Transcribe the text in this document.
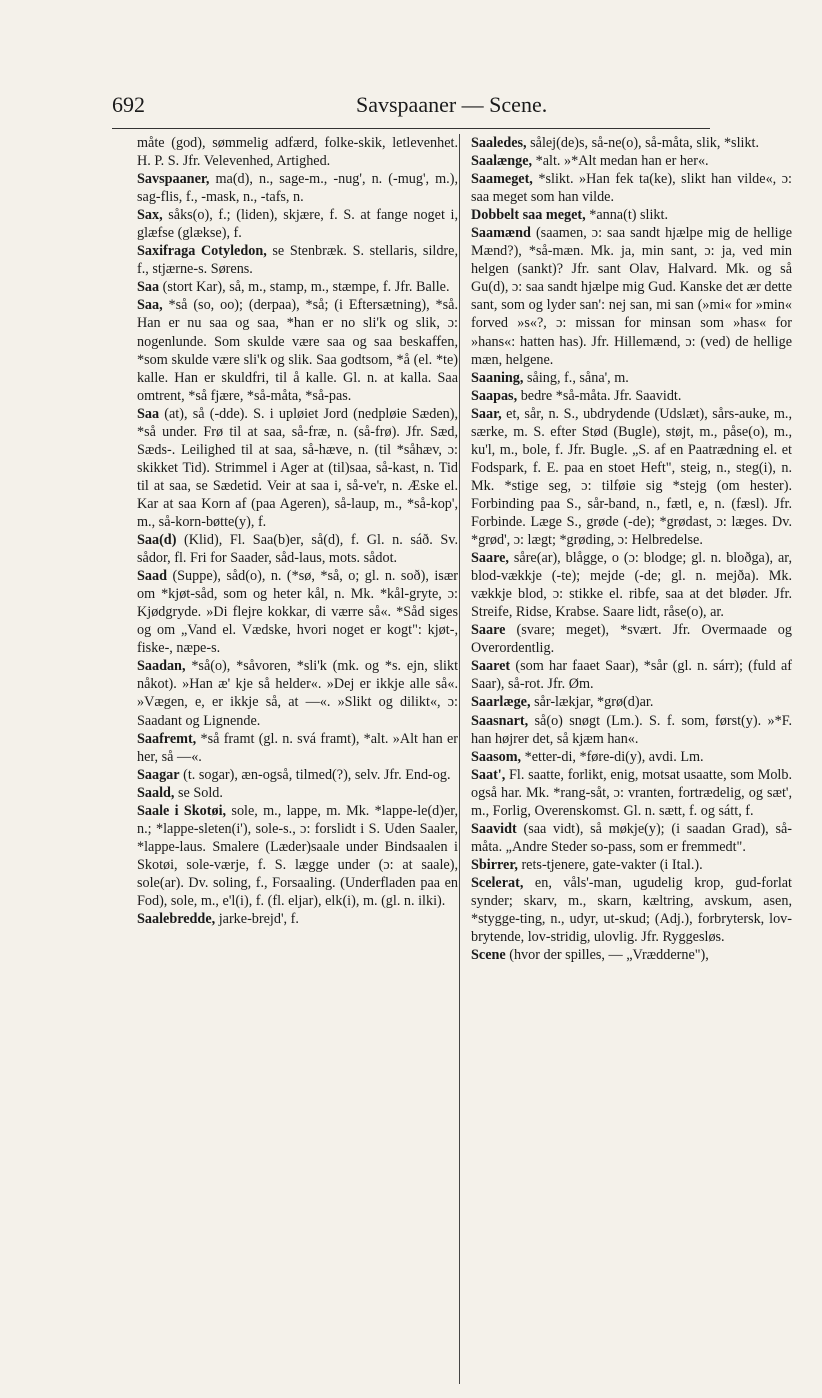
692	Savspaaner — Scene.

måte (god), sømmelig adfærd, folke-skik, letlevenhet. H. P. S. Jfr. Velevenhed, Artighed.

Savspaaner, ma(d), n., sage-m., -nug', n. (-mug', m.), sag-flis, f., -mask, n., -tafs, n.

Sax, såks(o), f.; (liden), skjære, f. S. at fange noget i, glæfse (glækse), f.

Saxifraga Cotyledon, se Stenbræk. S. stellaris, sildre, f., stjærne-s. Sørens.

Saa (stort Kar), så, m., stamp, m., stæmpe, f. Jfr. Balle.

Saa, *så (so, oo); (derpaa), *så; (i Eftersætning), *så. Han er nu saa og saa, *han er no sli'k og slik, ɔ: nogenlunde. Som skulde være saa og saa beskaffen, *som skulde være sli'k og slik. Saa godtsom, *å (el. *te) kalle. Han er skuldfri, til å kalle. Gl. n. at kalla. Saa omtrent, *så fjære, *så-måta, *så-pas.

Saa (at), så (-dde). S. i upløiet Jord (nedpløie Sæden), *så under. Frø til at saa, så-fræ, n. (så-frø). Jfr. Sæd, Sæds-. Leilighed til at saa, så-hæve, n. (til *såhæv, ɔ: skikket Tid). Strimmel i Ager at (til)saa, så-kast, n. Tid til at saa, se Sædetid. Veir at saa i, så-ve'r, n. Æske el. Kar at saa Korn af (paa Ageren), så-laup, m., *så-kop', m., så-korn-bøtte(y), f.

Saa(d) (Klid), Fl. Saa(b)er, så(d), f. Gl. n. sáð. Sv. sådor, fl. Fri for Saader, såd-laus, mots. sådot.

Saad (Suppe), såd(o), n. (*sø, *så, o; gl. n. soð), især om *kjøt-såd, som og heter kål, n. Mk. *kål-gryte, ɔ: Kjødgryde. »Di flejre kokkar, di værre så«. *Såd siges og om „Vand el. Vædske, hvori noget er kogt": kjøt-, fiske-, næpe-s.

Saadan, *så(o), *såvoren, *sli'k (mk. og *s. ejn, slikt nåkot). »Han æ' kje så helder«. »Dej er ikkje alle så«. »Vægen, e, er ikkje så, at —«. »Slikt og dilikt«, ɔ: Saadant og Lignende.

Saafremt, *så framt (gl. n. svá framt), *alt. »Alt han er her, så —«.

Saagar (t. sogar), æn-også, tilmed(?), selv. Jfr. End-og.

Saald, se Sold.

Saale i Skotøi, sole, m., lappe, m. Mk. *lappe-le(d)er, n.; *lappe-sleten(i'), sole-s., ɔ: forslidt i S. Uden Saaler, *lappe-laus. Smalere (Læder)saale under Bindsaalen i Skotøi, sole-værje, f. S. lægge under (ɔ: at saale), sole(ar). Dv. soling, f., Forsaaling. (Underfladen paa en Fod), sole, m., e'l(i), f. (fl. eljar), elk(i), m. (gl. n. ilki).

Saalebredde, jarke-brejd', f.

Saaledes, sålej(de)s, så-ne(o), så-måta, slik, *slikt.

Saalænge, *alt. »*Alt medan han er her«.

Saameget, *slikt. »Han fek ta(ke), slikt han vilde«, ɔ: saa meget som han vilde.

Dobbelt saa meget, *anna(t) slikt.

Saamænd (saamen, ɔ: saa sandt hjælpe mig de hellige Mænd?), *så-mæn. Mk. ja, min sant, ɔ: ja, ved min helgen (sankt)? Jfr. sant Olav, Halvard. Mk. og så Gu(d), ɔ: saa sandt hjælpe mig Gud. Kanske det ær dette sant, som og lyder san': nej san, mi san (»mi« for »min« forved »s«?, ɔ: missan for minsan som »has« for »hans«: hatten has). Jfr. Hillemænd, ɔ: (ved) de hellige mæn, helgene.

Saaning, såing, f., såna', m.

Saapas, bedre *så-måta. Jfr. Saavidt.

Saar, et, sår, n. S., ubdrydende (Udslæt), sårs-auke, m., særke, m. S. efter Stød (Bugle), støjt, m., påse(o), m., ku'l, m., bole, f. Jfr. Bugle. „S. af en Paatrædning el. et Fodspark, f. E. paa en stoet Heft", steig, n., steg(i), n. Mk. *stige seg, ɔ: tilføie sig *stejg (om hester). Forbinding paa S., sår-band, n., fætl, e, n. (fæsl). Jfr. Forbinde. Læge S., grøde (-de); *grødast, ɔ: læges. Dv. *grød', ɔ: lægt; *grøding, ɔ: Helbredelse.

Saare, såre(ar), blågge, o (ɔ: blodge; gl. n. bloðga), ar, blod-vækkje (-te); mejde (-de; gl. n. mejða). Mk. vækkje blod, ɔ: stikke el. ribfe, saa at det bløder. Jfr. Streife, Ridse, Krabse. Saare lidt, råse(o), ar.

Saare (svare; meget), *svært. Jfr. Overmaade og Overordentlig.

Saaret (som har faaet Saar), *sår (gl. n. sárr); (fuld af Saar), så-rot. Jfr. Øm.

Saarlæge, sår-lækjar, *grø(d)ar.

Saasnart, så(o) snøgt (Lm.). S. f. som, først(y). »*F. han højrer det, så kjæm han«.

Saasom, *etter-di, *føre-di(y), avdi. Lm.

Saat', Fl. saatte, forlikt, enig, motsat usaatte, som Molb. også har. Mk. *rang-såt, ɔ: vranten, fortrædelig, og sæt', m., Forlig, Overenskomst. Gl. n. sætt, f. og sátt, f.

Saavidt (saa vidt), så møkje(y); (i saadan Grad), så-måta. „Andre Steder so-pass, som er fremmedt".

Sbirrer, rets-tjenere, gate-vakter (i Ital.).

Scelerat, en, våls'-man, ugudelig krop, gud-forlat synder; skarv, m., skarn, kæltring, avskum, asen, *stygge-ting, n., udyr, ut-skud; (Adj.), forbrytersk, lov-brytende, lov-stridig, ulovlig. Jfr. Ryggesløs.

Scene (hvor der spilles, — „Vrædderne"),
